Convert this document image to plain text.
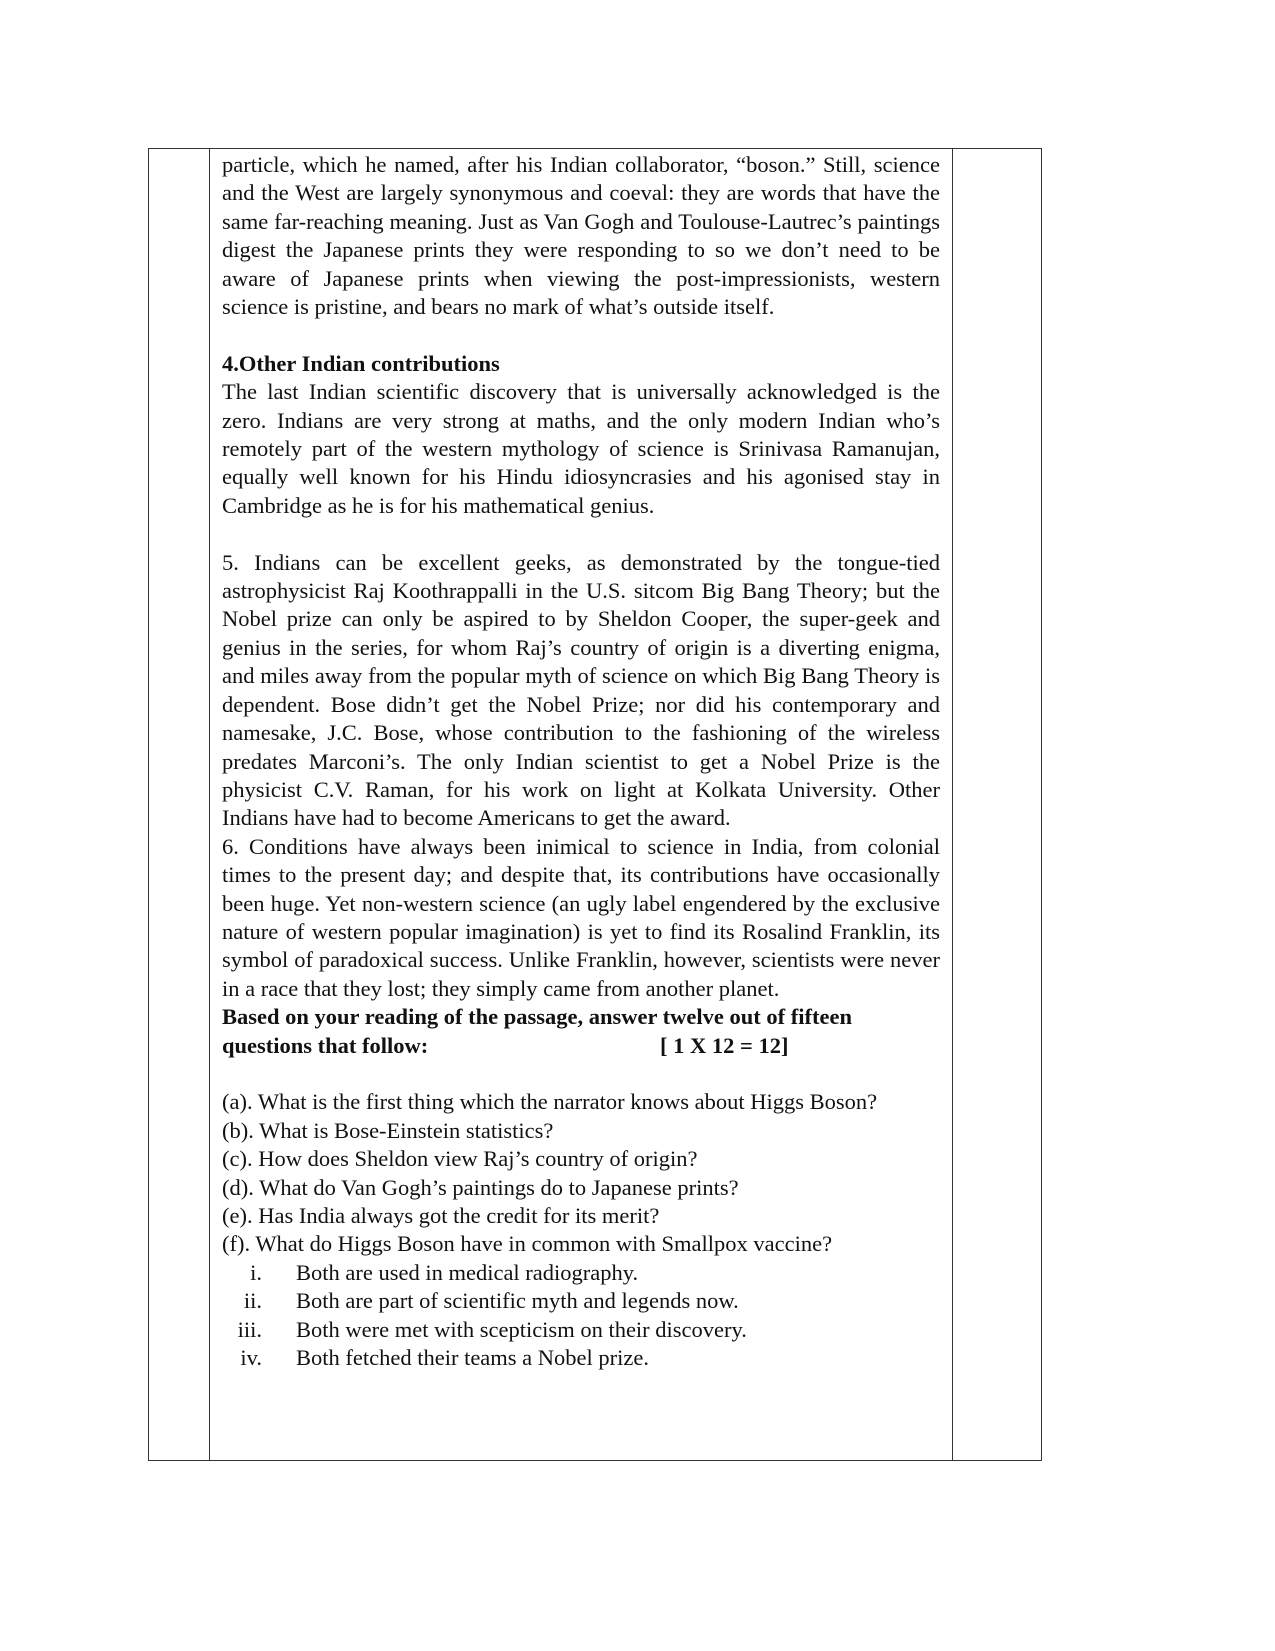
particle, which he named, after his Indian collaborator, “boson.” Still, science and the West are largely synonymous and coeval: they are words that have the same far-reaching meaning. Just as Van Gogh and Toulouse-Lautrec’s paintings digest the Japanese prints they were responding to so we don’t need to be aware of Japanese prints when viewing the post-impressionists, western science is pristine, and bears no mark of what’s outside itself.

4.Other Indian contributions

The last Indian scientific discovery that is universally acknowledged is the zero. Indians are very strong at maths, and the only modern Indian who’s remotely part of the western mythology of science is Srinivasa Ramanujan, equally well known for his Hindu idiosyncrasies and his agonised stay in Cambridge as he is for his mathematical genius.

5. Indians can be excellent geeks, as demonstrated by the tongue-tied astrophysicist Raj Koothrappalli in the U.S. sitcom Big Bang Theory; but the Nobel prize can only be aspired to by Sheldon Cooper, the super-geek and genius in the series, for whom Raj’s country of origin is a diverting enigma, and miles away from the popular myth of science on which Big Bang Theory is dependent. Bose didn’t get the Nobel Prize; nor did his contemporary and namesake, J.C. Bose, whose contribution to the fashioning of the wireless predates Marconi’s. The only Indian scientist to get a Nobel Prize is the physicist C.V. Raman, for his work on light at Kolkata University. Other Indians have had to become Americans to get the award.

6. Conditions have always been inimical to science in India, from colonial times to the present day; and despite that, its contributions have occasionally been huge. Yet non-western science (an ugly label engendered by the exclusive nature of western popular imagination) is yet to find its Rosalind Franklin, its symbol of paradoxical success. Unlike Franklin, however, scientists were never in a race that they lost; they simply came from another planet.

Based on your reading of the passage, answer twelve out of fifteen

questions that follow:	[ 1 X 12 = 12]

(a). What is the first thing which the narrator knows about Higgs Boson?

(b). What is Bose-Einstein statistics?

(c). How does Sheldon view Raj’s country of origin?

(d). What do Van Gogh’s paintings do to Japanese prints?

(e). Has India always got the credit for its merit?

(f). What do Higgs Boson have in common with Smallpox vaccine?

i.	Both are used in medical radiography.
ii.	Both are part of scientific myth and legends now.
iii.	Both were met with scepticism on their discovery.
iv.	Both fetched their teams a Nobel prize.
